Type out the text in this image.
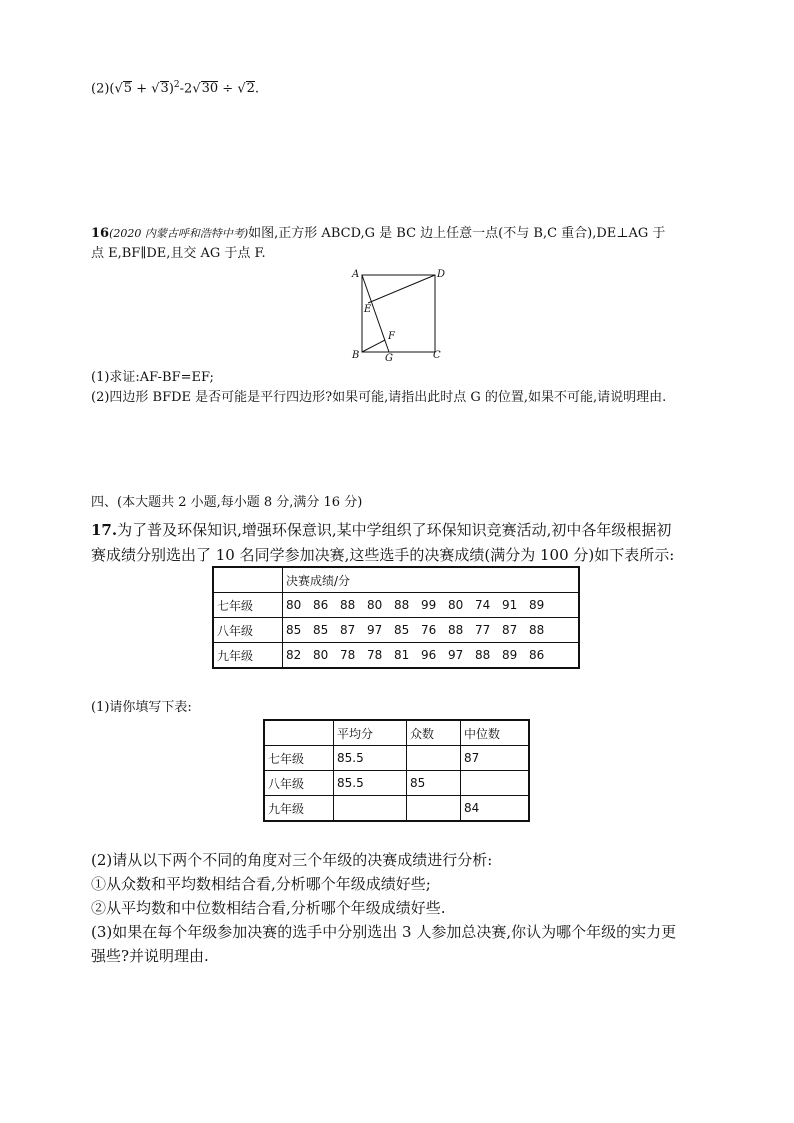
$(2)(√5 + √3)^2-2√30 \div √2$.
16(2020 内蒙古呼和浩特中考)如图,正方形 ABCD,G 是 BC 边上任意一点(不与 B,C 重合),DE⊥AG 于
点 E,BF∥DE,且交 AG 于点 F.
A	D
B	C
E
F
G
(1)求证:AF-BF=EF;
(2)四边形 BFDE 是否可能是平行四边形?如果可能,请指出此时点 G 的位置,如果不可能,请说明理由.
四、(本大题共 2 小题,每小题 8 分,满分 16 分)
17.为了普及环保知识,增强环保意识,某中学组织了环保知识竞赛活动,初中各年级根据初
赛成绩分别选出了 10 名同学参加决赛,这些选手的决赛成绩(满分为 100 分)如下表所示:
	决赛成绩/分
七年级	80 86 88 80 88 99 80 74 91 89
八年级	85 85 87 97 85 76 88 77 87 88
九年级	82 80 78 78 81 96 97 88 89 86
(1)请你填写下表:
	平均分	众数	中位数
七年级	85.5		87
八年级	85.5	85	
九年级			84
(2)请从以下两个不同的角度对三个年级的决赛成绩进行分析:
①从众数和平均数相结合看,分析哪个年级成绩好些;
②从平均数和中位数相结合看,分析哪个年级成绩好些.
(3)如果在每个年级参加决赛的选手中分别选出 3 人参加总决赛,你认为哪个年级的实力更
强些?并说明理由.
